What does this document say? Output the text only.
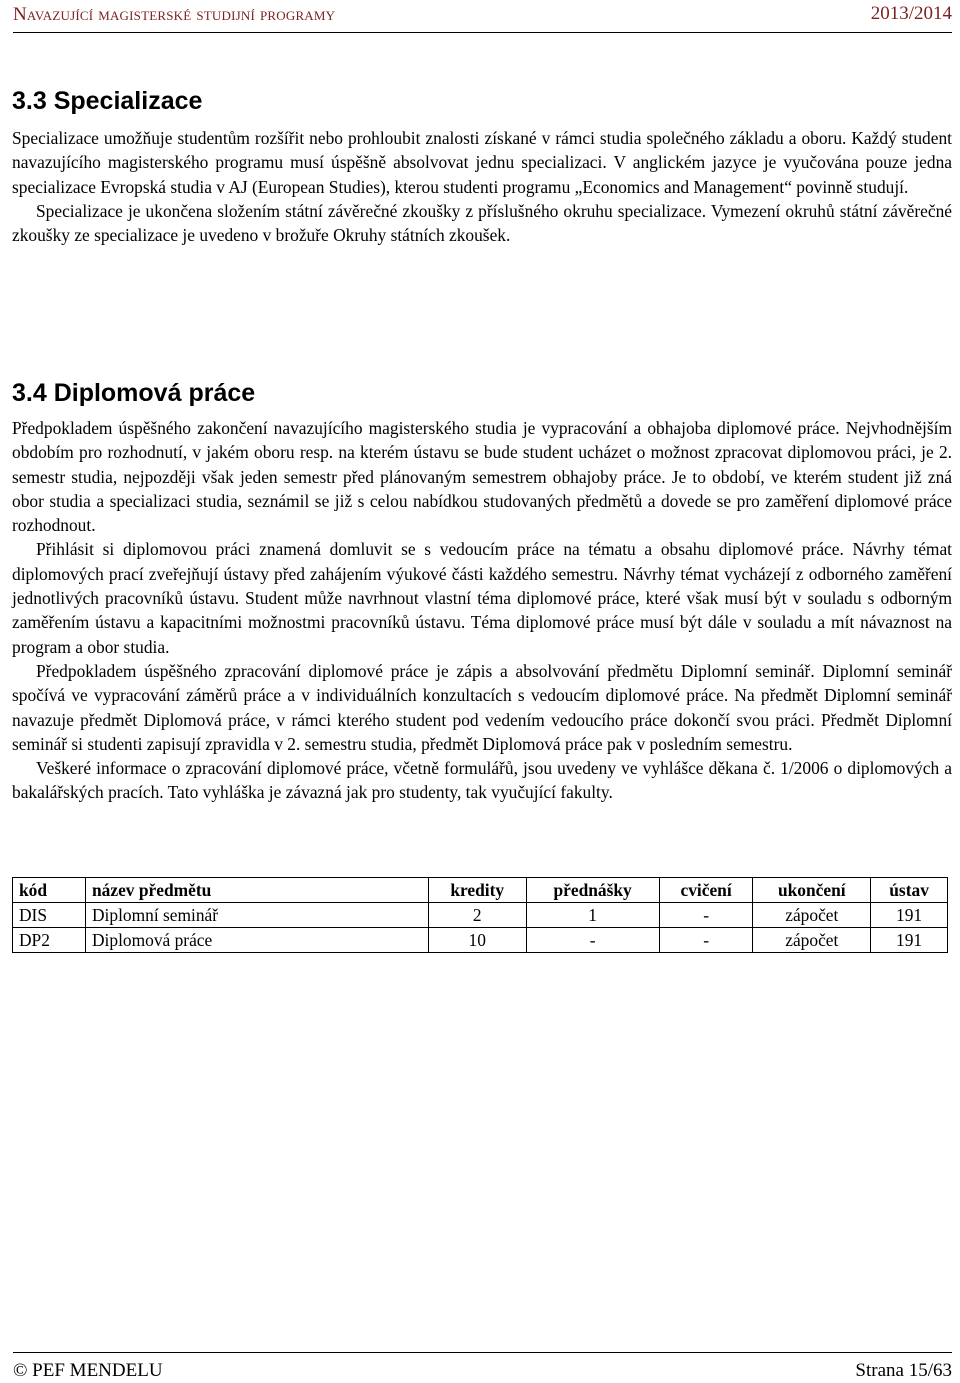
Navazující magisterské studijní programy	2013/2014
3.3 Specializace

Specializace umožňuje studentům rozšířit nebo prohloubit znalosti získané v rámci studia společného základu a oboru. Každý student navazujícího magisterského programu musí úspěšně absolvovat jednu specializaci. V anglickém jazyce je vyučována pouze jedna specializace Evropská studia v AJ (European Studies), kterou studenti programu „Economics and Management“ povinně studují.

Specializace je ukončena složením státní závěrečné zkoušky z příslušného okruhu specializace. Vymezení okruhů státní závěrečné zkoušky ze specializace je uvedeno v brožuře Okruhy státních zkoušek.

3.4 Diplomová práce

Předpokladem úspěšného zakončení navazujícího magisterského studia je vypracování a obhajoba diplomové práce. Nejvhodnějším obdobím pro rozhodnutí, v jakém oboru resp. na kterém ústavu se bude student ucházet o možnost zpracovat diplomovou práci, je 2. semestr studia, nejpozději však jeden semestr před plánovaným semestrem obhajoby práce. Je to období, ve kterém student již zná obor studia a specializaci studia, seznámil se již s celou nabídkou studovaných předmětů a dovede se pro zaměření diplomové práce rozhodnout.

Přihlásit si diplomovou práci znamená domluvit se s vedoucím práce na tématu a obsahu diplomové práce. Návrhy témat diplomových prací zveřejňují ústavy před zahájením výukové části každého semestru. Návrhy témat vycházejí z odborného zaměření jednotlivých pracovníků ústavu. Student může navrhnout vlastní téma diplomové práce, které však musí být v souladu s odborným zaměřením ústavu a kapacitními možnostmi pracovníků ústavu. Téma diplomové práce musí být dále v souladu a mít návaznost na program a obor studia.

Předpokladem úspěšného zpracování diplomové práce je zápis a absolvování předmětu Diplomní seminář. Diplomní seminář spočívá ve vypracování záměrů práce a v individuálních konzultacích s vedoucím diplomové práce. Na předmět Diplomní seminář navazuje předmět Diplomová práce, v rámci kterého student pod vedením vedoucího práce dokončí svou práci. Předmět Diplomní seminář si studenti zapisují zpravidla v 2. semestru studia, předmět Diplomová práce pak v posledním semestru.

Veškeré informace o zpracování diplomové práce, včetně formulářů, jsou uvedeny ve vyhlášce děkana č. 1/2006 o diplomových a bakalářských pracích. Tato vyhláška je závazná jak pro studenty, tak vyučující fakulty.

kód	název předmětu	kredity	přednášky	cvičení	ukončení	ústav
DIS	Diplomní seminář	2	1	-	zápočet	191
DP2	Diplomová práce	10	-	-	zápočet	191
© PEF MENDELU	Strana 15/63
